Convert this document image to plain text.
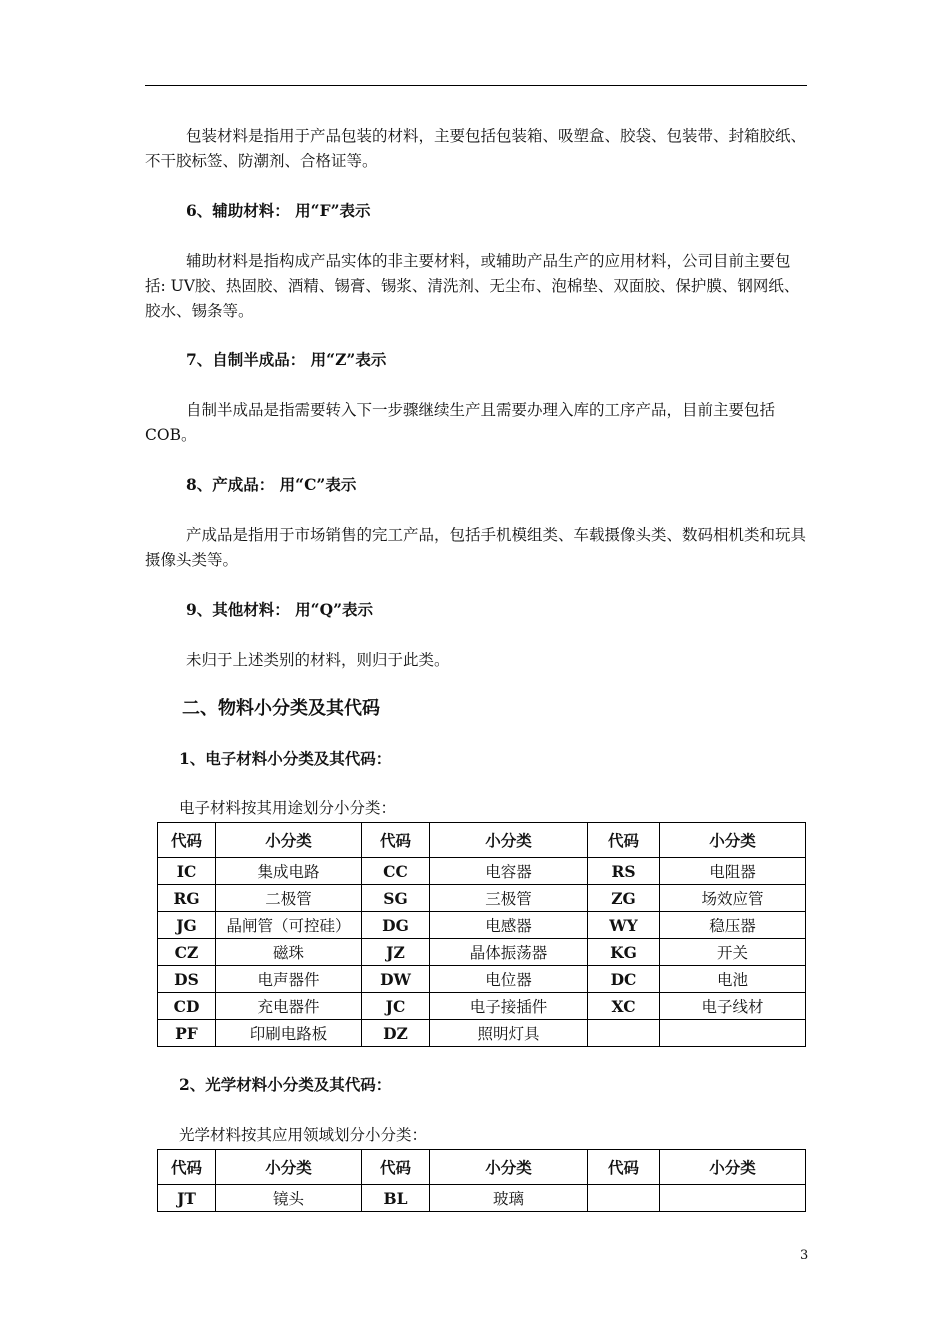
包装材料是指用于产品包装的材料，主要包括包装箱、吸塑盒、胶袋、包装带、封箱胶纸、不干胶标签、防潮剂、合格证等。

6、辅助材料： 用“F”表示

辅助材料是指构成产品实体的非主要材料，或辅助产品生产的应用材料，公司目前主要包括: UV胶、热固胶、酒精、锡膏、锡浆、清洗剂、无尘布、泡棉垫、双面胶、保护膜、钢网纸、胶水、锡条等。

7、自制半成品： 用“Z”表示

自制半成品是指需要转入下一步骤继续生产且需要办理入库的工序产品，目前主要包括COB。

8、产成品： 用“C”表示

产成品是指用于市场销售的完工产品，包括手机模组类、车载摄像头类、数码相机类和玩具摄像头类等。

9、其他材料： 用“Q”表示

未归于上述类别的材料，则归于此类。

二、物料小分类及其代码
1、电子材料小分类及其代码：
电子材料按其用途划分小分类：
代码	小分类	代码	小分类	代码	小分类
IC	集成电路	CC	电容器	RS	电阻器
RG	二极管	SG	三极管	ZG	场效应管
JG	晶闸管（可控硅）	DG	电感器	WY	稳压器
CZ	磁珠	JZ	晶体振荡器	KG	开关
DS	电声器件	DW	电位器	DC	电池
CD	充电器件	JC	电子接插件	XC	电子线材
PF	印刷电路板	DZ	照明灯具		
2、光学材料小分类及其代码：
光学材料按其应用领域划分小分类：
代码	小分类	代码	小分类	代码	小分类
JT	镜头	BL	玻璃		
3
